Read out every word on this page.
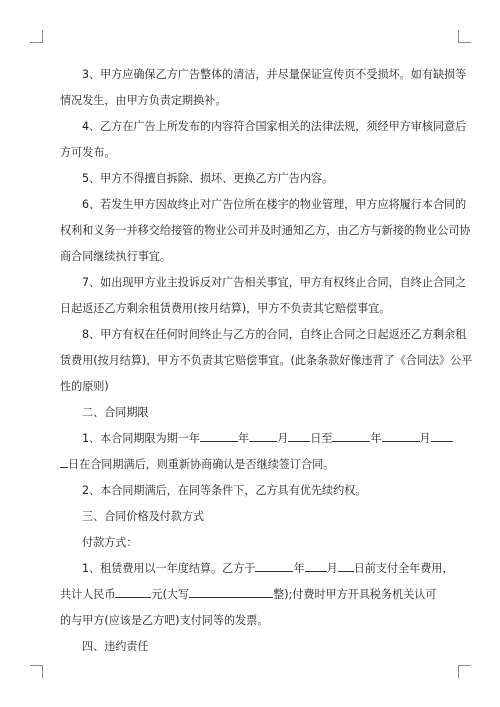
3、甲方应确保乙方广告整体的清洁，并尽量保证宣传页不受损坏。如有缺损等

情况发生，由甲方负责定期换补。

4、乙方在广告上所发布的内容符合国家相关的法律法规，须经甲方审核同意后

方可发布。

5、甲方不得擅自拆除、损坏、更换乙方广告内容。

6、若发生甲方因故终止对广告位所在楼宇的物业管理，甲方应将履行本合同的

权利和义务一并移交给接管的物业公司并及时通知乙方，由乙方与新接的物业公司协

商合同继续执行事宜。

7、如出现甲方业主投诉反对广告相关事宜，甲方有权终止合同，自终止合同之

日起返还乙方剩余租赁费用(按月结算)，甲方不负责其它赔偿事宜。

8、甲方有权在任何时间终止与乙方的合同，自终止合同之日起返还乙方剩余租

赁费用(按月结算)，甲方不负责其它赔偿事宜。(此条条款好像违背了《合同法》公平

性的原则)

二、合同期限

1、本合同期限为期一年	年	月 日至	年	月

日在合同期满后，则重新协商确认是否继续签订合同。

2、本合同期满后，在同等条件下，乙方具有优先续约权。

三、合同价格及付款方式

付款方式：

1、租赁费用以一年度结算。乙方于	年 月 日前支付全年费用，

共计人民币	元(大写	整);付费时甲方开具税务机关认可

的与甲方(应该是乙方吧)支付同等的发票。

四、违约责任
